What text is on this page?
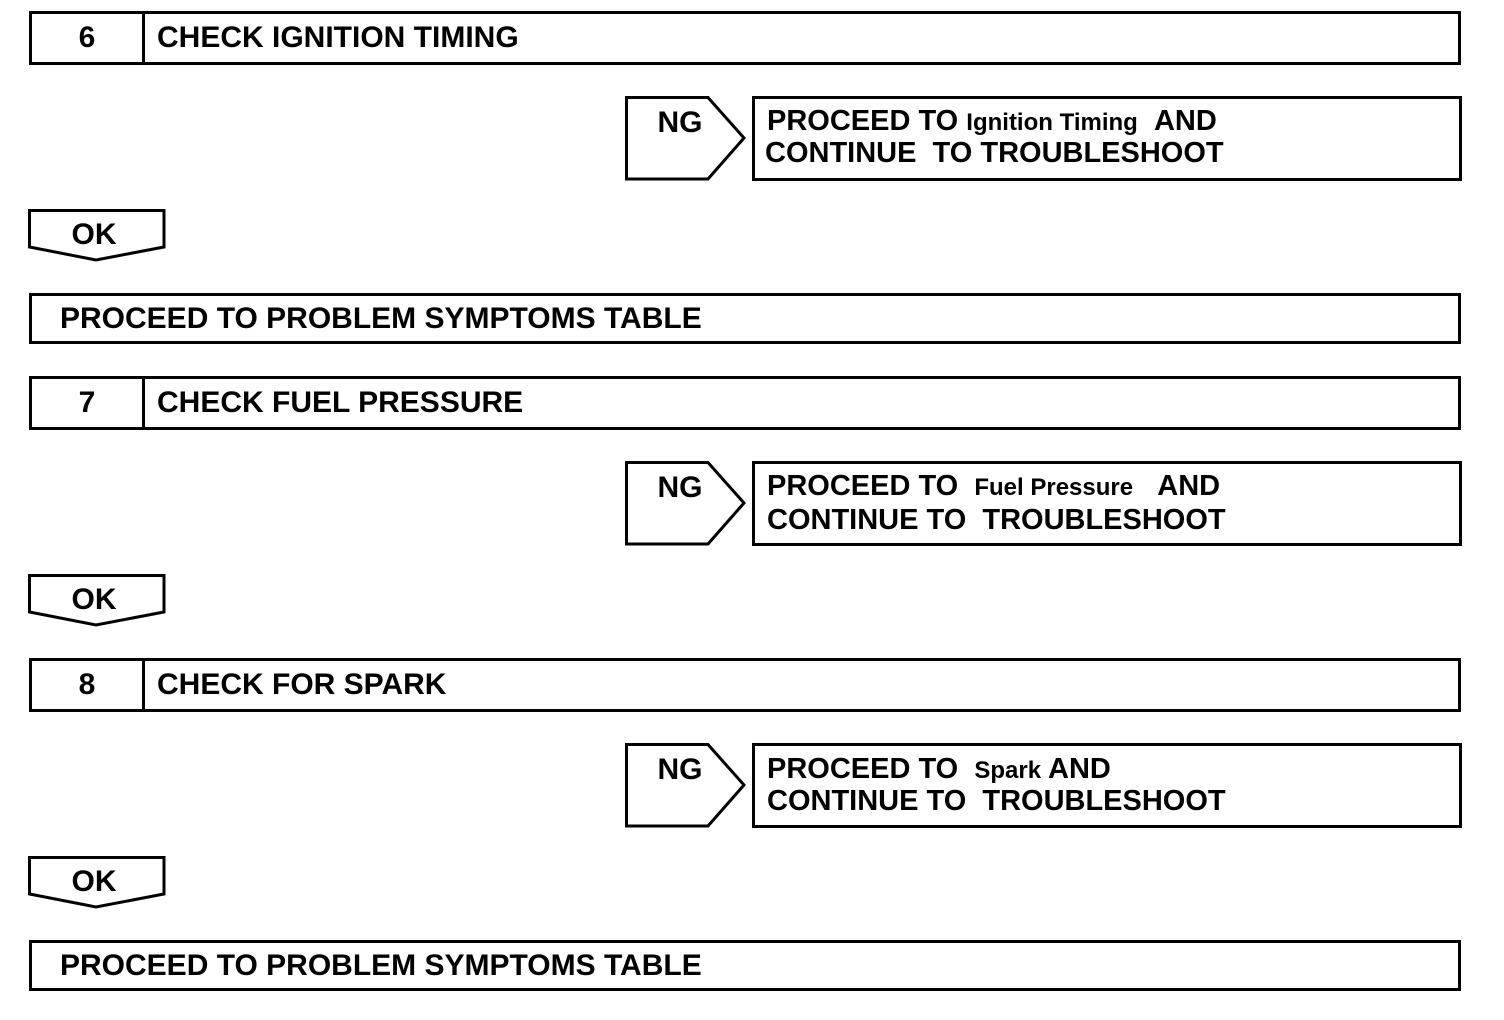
6	CHECK IGNITION TIMING
NG	PROCEED TO Ignition Timing AND
CONTINUE  TO TROUBLESHOOT
OK
PROCEED TO PROBLEM SYMPTOMS TABLE
7	CHECK FUEL PRESSURE
NG	PROCEED TO Fuel Pressure AND
CONTINUE TO  TROUBLESHOOT
OK
8	CHECK FOR SPARK
NG	PROCEED TO Spark AND
CONTINUE TO  TROUBLESHOOT
OK
PROCEED TO PROBLEM SYMPTOMS TABLE
